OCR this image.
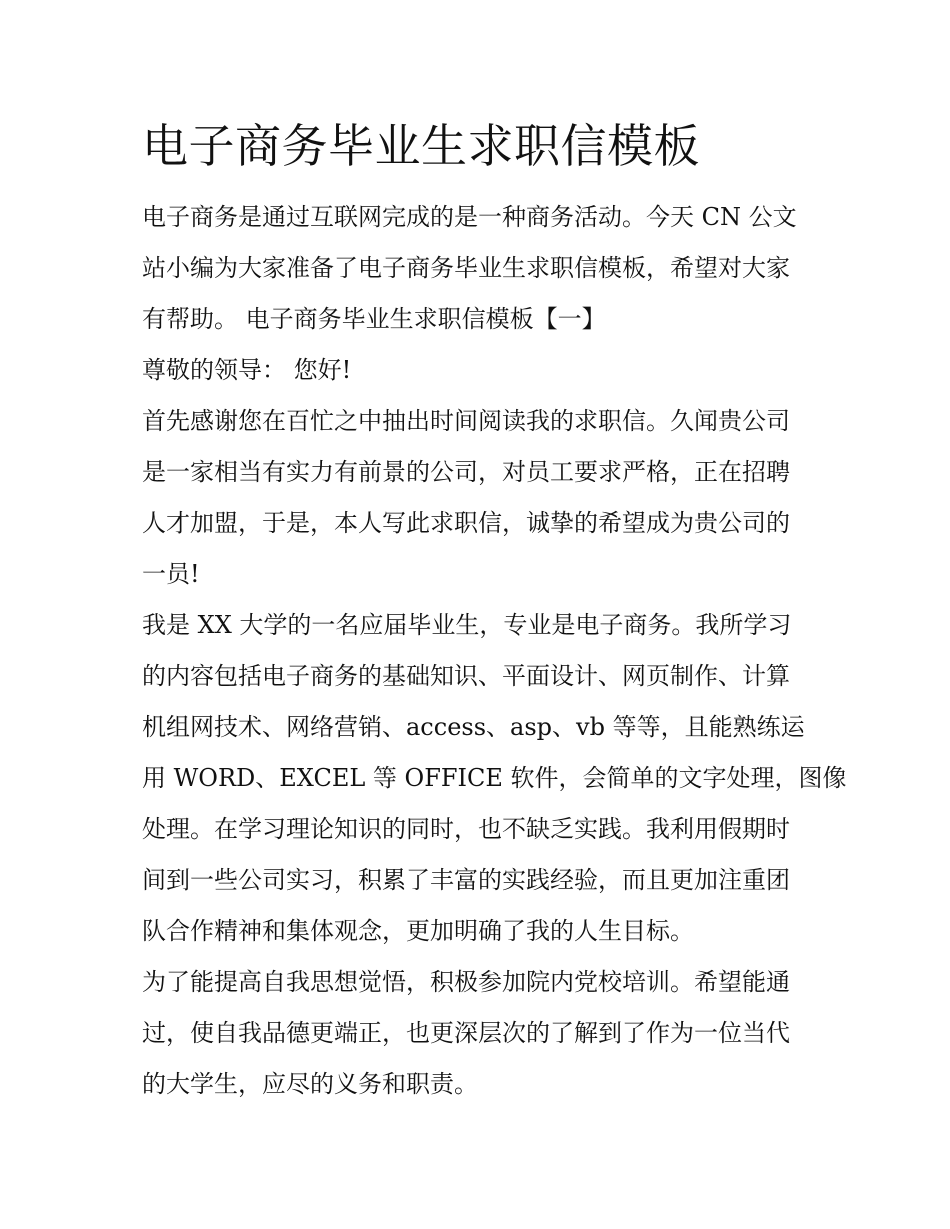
电子商务毕业生求职信模板

电子商务是通过互联网完成的是一种商务活动。今天 CN 公文
站小编为大家准备了电子商务毕业生求职信模板，希望对大家
有帮助。 电子商务毕业生求职信模板【一】

尊敬的领导： 您好!

首先感谢您在百忙之中抽出时间阅读我的求职信。久闻贵公司
是一家相当有实力有前景的公司，对员工要求严格，正在招聘
人才加盟，于是，本人写此求职信，诚挚的希望成为贵公司的
一员!

我是 XX 大学的一名应届毕业生，专业是电子商务。我所学习
的内容包括电子商务的基础知识、平面设计、网页制作、计算
机组网技术、网络营销、access、asp、vb 等等，且能熟练运
用 WORD、EXCEL 等 OFFICE 软件，会简单的文字处理，图像
处理。在学习理论知识的同时，也不缺乏实践。我利用假期时
间到一些公司实习，积累了丰富的实践经验，而且更加注重团
队合作精神和集体观念，更加明确了我的人生目标。

为了能提高自我思想觉悟，积极参加院内党校培训。希望能通
过，使自我品德更端正，也更深层次的了解到了作为一位当代
的大学生，应尽的义务和职责。
